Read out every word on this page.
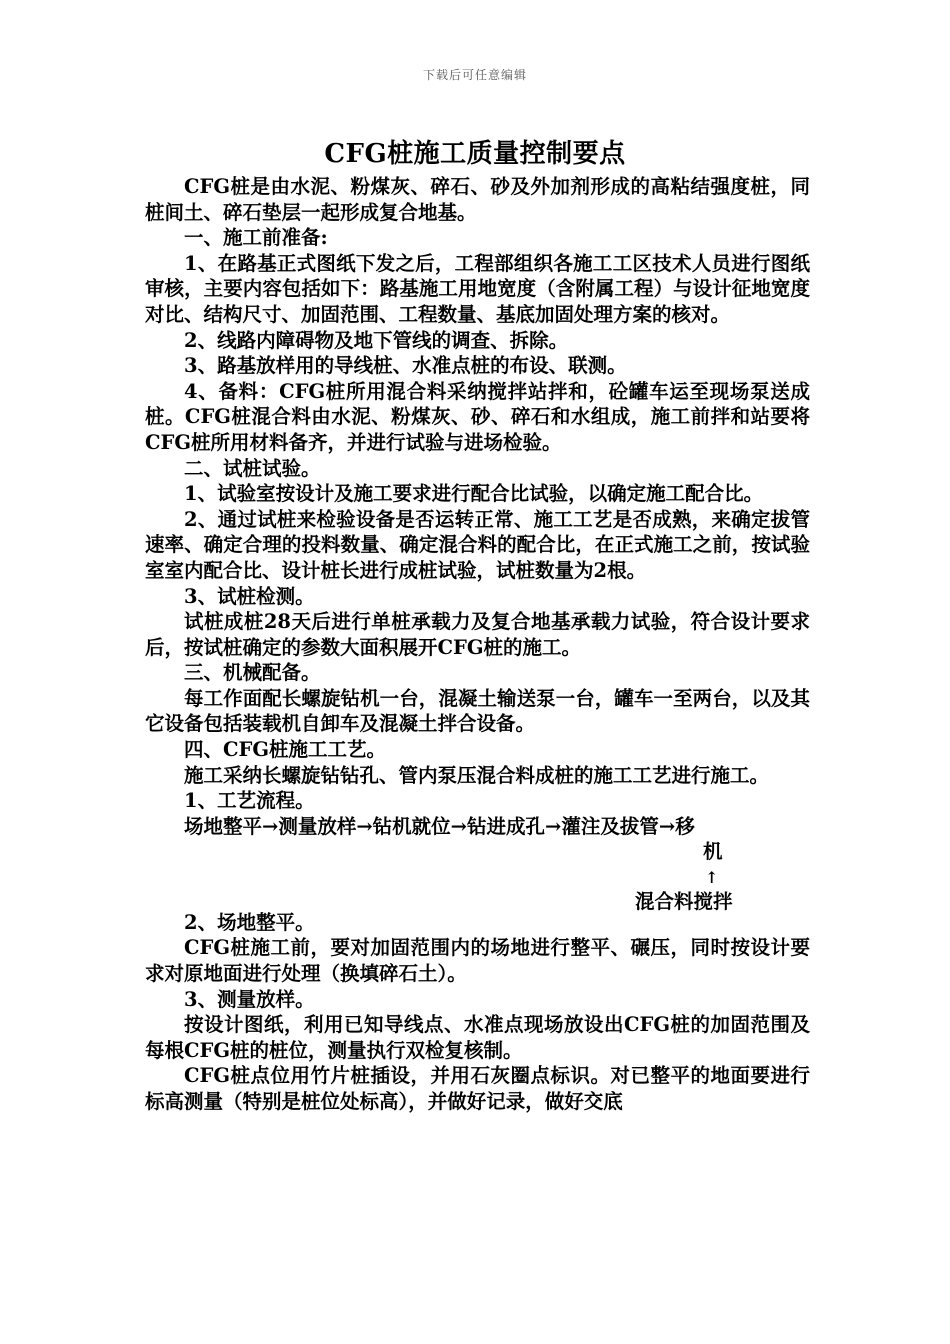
下载后可任意编辑
CFG桩施工质量控制要点

CFG桩是由水泥、粉煤灰、碎石、砂及外加剂形成的高粘结强度桩，同桩间土、碎石垫层一起形成复合地基。

一、施工前准备:

1、在路基正式图纸下发之后，工程部组织各施工工区技术人员进行图纸审核，主要内容包括如下：路基施工用地宽度（含附属工程）与设计征地宽度对比、结构尺寸、加固范围、工程数量、基底加固处理方案的核对。

2、线路内障碍物及地下管线的调查、拆除。

3、路基放样用的导线桩、水准点桩的布设、联测。

4、备料：CFG桩所用混合料采纳搅拌站拌和，砼罐车运至现场泵送成桩。CFG桩混合料由水泥、粉煤灰、砂、碎石和水组成，施工前拌和站要将CFG桩所用材料备齐，并进行试验与进场检验。

二、试桩试验。

1、试验室按设计及施工要求进行配合比试验，以确定施工配合比。

2、通过试桩来检验设备是否运转正常、施工工艺是否成熟，来确定拔管速率、确定合理的投料数量、确定混合料的配合比，在正式施工之前，按试验室室内配合比、设计桩长进行成桩试验，试桩数量为2根。

3、试桩检测。

试桩成桩28天后进行单桩承载力及复合地基承载力试验，符合设计要求后，按试桩确定的参数大面积展开CFG桩的施工。

三、机械配备。

每工作面配长螺旋钻机一台，混凝土输送泵一台，罐车一至两台，以及其它设备包括装载机自卸车及混凝土拌合设备。

四、CFG桩施工工艺。

施工采纳长螺旋钻钻孔、管内泵压混合料成桩的施工工艺进行施工。

1、工艺流程。

场地整平→测量放样→钻机就位→钻进成孔→灌注及拔管→移
机
↑
混合料搅拌

2、场地整平。

CFG桩施工前，要对加固范围内的场地进行整平、碾压，同时按设计要求对原地面进行处理（换填碎石土）。

3、测量放样。

按设计图纸，利用已知导线点、水准点现场放设出CFG桩的加固范围及每根CFG桩的桩位，测量执行双检复核制。

CFG桩点位用竹片桩插设，并用石灰圈点标识。对已整平的地面要进行标高测量（特别是桩位处标高），并做好记录，做好交底
